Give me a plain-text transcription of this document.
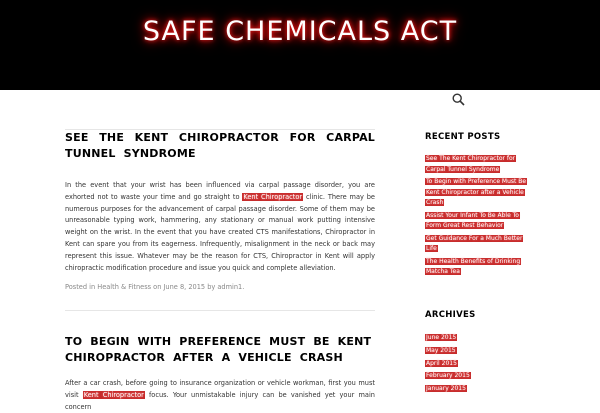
SAFE CHEMICALS ACT
SEE THE KENT CHIROPRACTOR FOR CARPAL TUNNEL SYNDROME

In the event that your wrist has been influenced via carpal passage disorder, you are exhorted not to waste your time and go straight to Kent Chiropractor clinic. There may be numerous purposes for the advancement of carpal passage disorder. Some of them may be unreasonable typing work, hammering, any stationary or manual work putting intensive weight on the wrist. In the event that you have created CTS manifestations, Chiropractor in Kent can spare you from its eagerness. Infrequently, misalignment in the neck or back may represent this issue. Whatever may be the reason for CTS, Chiropractor in Kent will apply chiropractic modification procedure and issue you quick and complete alleviation.

Posted in Health & Fitness on June 8, 2015 by admin1.

TO BEGIN WITH PREFERENCE MUST BE KENT CHIROPRACTOR AFTER A VEHICLE CRASH

After a car crash, before going to insurance organization or vehicle workman, first you must visit Kent Chiropractor focus. Your unmistakable injury can be vanished yet your main concern

RECENT POSTS
See The Kent Chiropractor for Carpal Tunnel Syndrome
To Begin with Preference Must Be Kent Chiropractor after a Vehicle Crash
Assist Your Infant To Be Able To Form Great Rest Behavior
Get Guidance For a Much Better Life
The Health Benefits of Drinking Matcha Tea
ARCHIVES
June 2015
May 2015
April 2015
February 2015
January 2015
